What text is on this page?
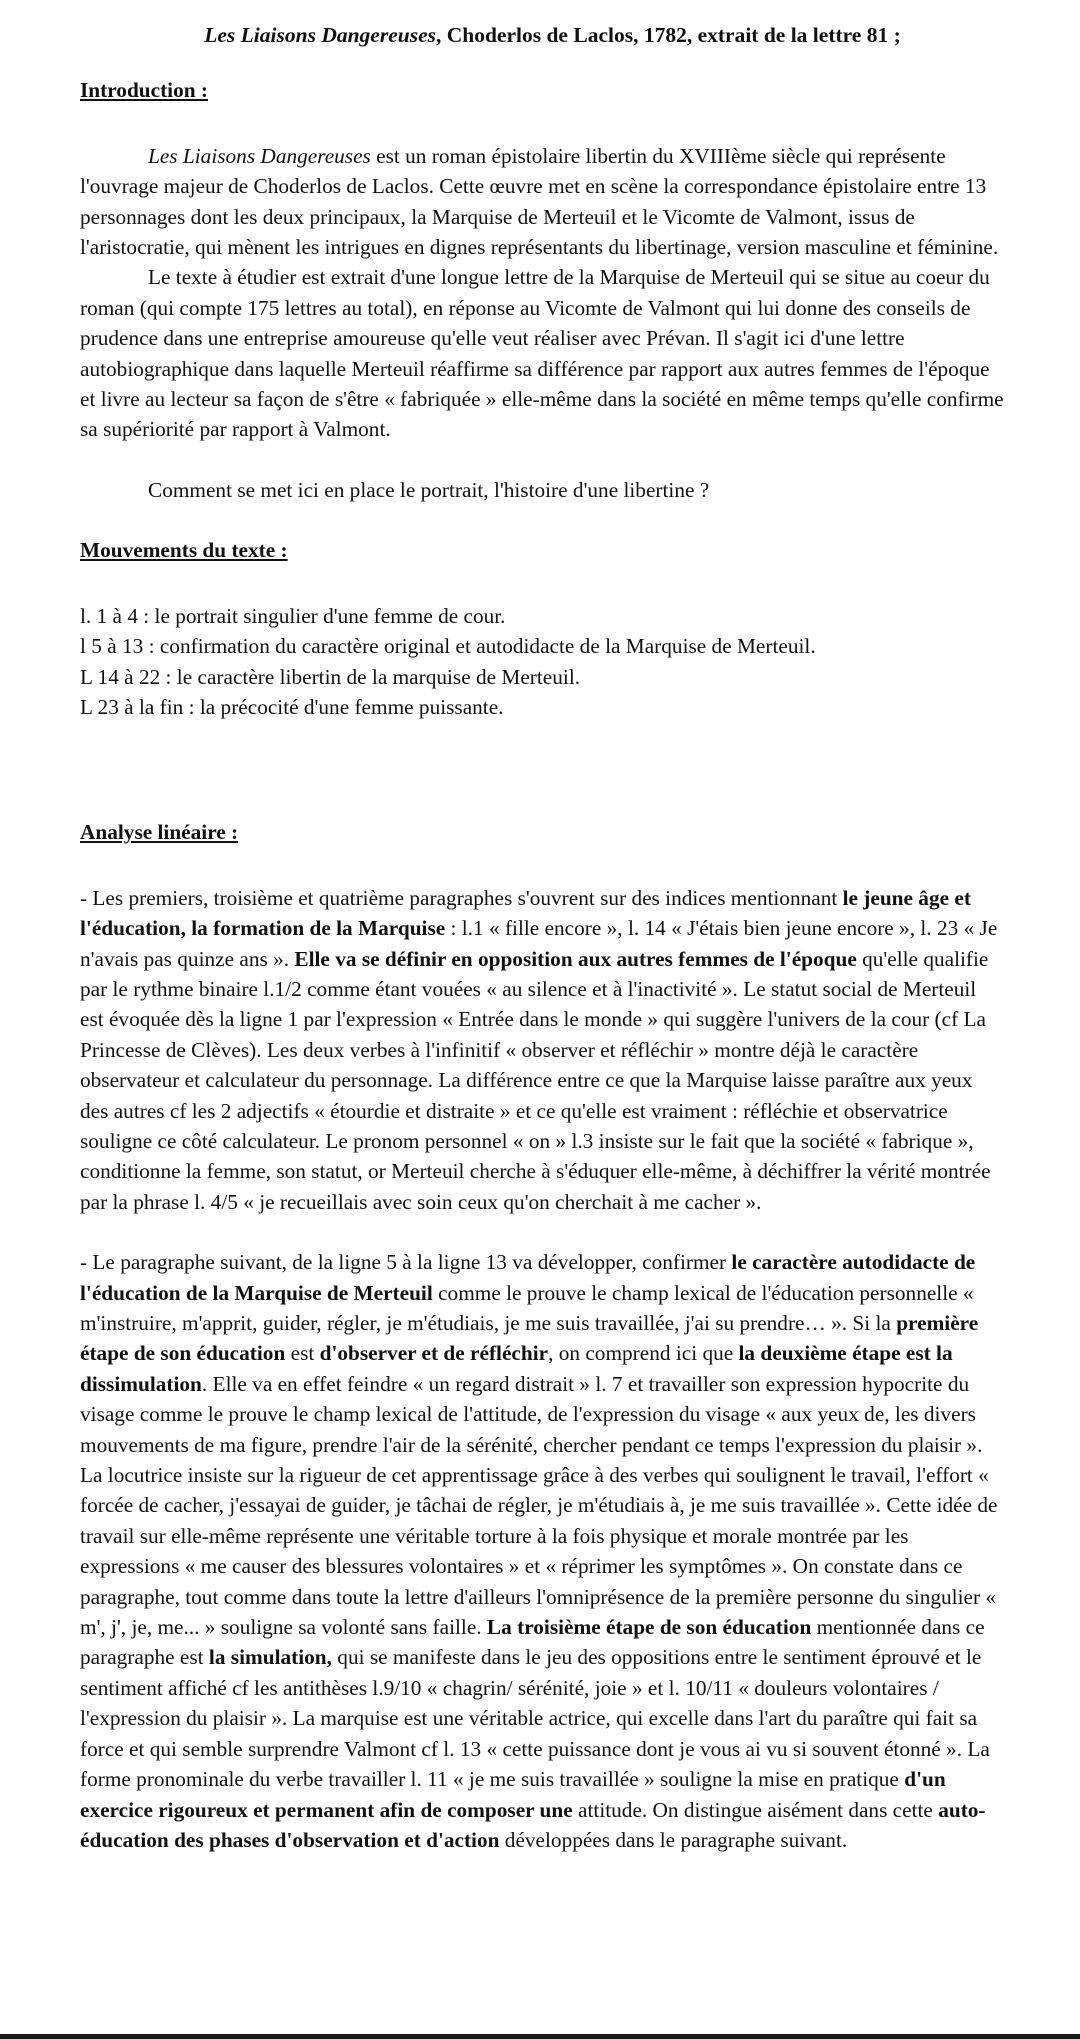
Les Liaisons Dangereuses, Choderlos de Laclos, 1782, extrait de la lettre 81 ;

Introduction :

Les Liaisons Dangereuses est un roman épistolaire libertin du XVIIIème siècle qui représente l'ouvrage majeur de Choderlos de Laclos. Cette œuvre met en scène la correspondance épistolaire entre 13 personnages dont les deux principaux, la Marquise de Merteuil et le Vicomte de Valmont, issus de l'aristocratie, qui mènent les intrigues en dignes représentants du libertinage, version masculine et féminine.

Le texte à étudier est extrait d'une longue lettre de la Marquise de Merteuil qui se situe au coeur du roman (qui compte 175 lettres au total), en réponse au Vicomte de Valmont qui lui donne des conseils de prudence dans une entreprise amoureuse qu'elle veut réaliser avec Prévan. Il s'agit ici d'une lettre autobiographique dans laquelle Merteuil réaffirme sa différence par rapport aux autres femmes de l'époque et livre au lecteur sa façon de s'être « fabriquée » elle-même dans la société en même temps qu'elle confirme sa supériorité par rapport à Valmont.

Comment se met ici en place le portrait, l'histoire d'une libertine ?

Mouvements du texte :

l. 1 à 4 : le portrait singulier d'une femme de cour.

l 5 à 13 : confirmation du caractère original et autodidacte de la Marquise de Merteuil.

L 14 à 22 : le caractère libertin de la marquise de Merteuil.

L 23 à la fin : la précocité d'une femme puissante.

Analyse linéaire :

- Les premiers, troisième et quatrième paragraphes s'ouvrent sur des indices mentionnant le jeune âge et l'éducation, la formation de la Marquise : l.1 « fille encore », l. 14 « J'étais bien jeune encore », l. 23 « Je n'avais pas quinze ans ». Elle va se définir en opposition aux autres femmes de l'époque qu'elle qualifie par le rythme binaire l.1/2 comme étant vouées « au silence et à l'inactivité ». Le statut social de Merteuil est évoquée dès la ligne 1 par l'expression « Entrée dans le monde » qui suggère l'univers de la cour (cf La Princesse de Clèves). Les deux verbes à l'infinitif « observer et réfléchir » montre déjà le caractère observateur et calculateur du personnage. La différence entre ce que la Marquise laisse paraître aux yeux des autres cf les 2 adjectifs « étourdie et distraite » et ce qu'elle est vraiment : réfléchie et observatrice souligne ce côté calculateur. Le pronom personnel « on » l.3 insiste sur le fait que la société « fabrique », conditionne la femme, son statut, or Merteuil cherche à s'éduquer elle-même, à déchiffrer la vérité montrée par la phrase l. 4/5 « je recueillais avec soin ceux qu'on cherchait à me cacher ».

- Le paragraphe suivant, de la ligne 5 à la ligne 13 va développer, confirmer le caractère autodidacte de l'éducation de la Marquise de Merteuil comme le prouve le champ lexical de l'éducation personnelle « m'instruire, m'apprit, guider, régler, je m'étudiais, je me suis travaillée, j'ai su prendre… ». Si la première étape de son éducation est d'observer et de réfléchir, on comprend ici que la deuxième étape est la dissimulation. Elle va en effet feindre « un regard distrait » l. 7 et travailler son expression hypocrite du visage comme le prouve le champ lexical de l'attitude, de l'expression du visage « aux yeux de, les divers mouvements de ma figure, prendre l'air de la sérénité, chercher pendant ce temps l'expression du plaisir ». La locutrice insiste sur la rigueur de cet apprentissage grâce à des verbes qui soulignent le travail, l'effort « forcée de cacher, j'essayai de guider, je tâchai de régler, je m'étudiais à, je me suis travaillée ». Cette idée de travail sur elle-même représente une véritable torture à la fois physique et morale montrée par les expressions « me causer des blessures volontaires » et « réprimer les symptômes ». On constate dans ce paragraphe, tout comme dans toute la lettre d'ailleurs l'omniprésence de la première personne du singulier « m', j', je, me... » souligne sa volonté sans faille. La troisième étape de son éducation mentionnée dans ce paragraphe est la simulation, qui se manifeste dans le jeu des oppositions entre le sentiment éprouvé et le sentiment affiché cf les antithèses l.9/10 « chagrin/ sérénité, joie » et l. 10/11 « douleurs volontaires / l'expression du plaisir ». La marquise est une véritable actrice, qui excelle dans l'art du paraître qui fait sa force et qui semble surprendre Valmont cf l. 13 « cette puissance dont je vous ai vu si souvent étonné ». La forme pronominale du verbe travailler l. 11 « je me suis travaillée » souligne la mise en pratique d'un exercice rigoureux et permanent afin de composer une attitude. On distingue aisément dans cette auto-éducation des phases d'observation et d'action développées dans le paragraphe suivant.
